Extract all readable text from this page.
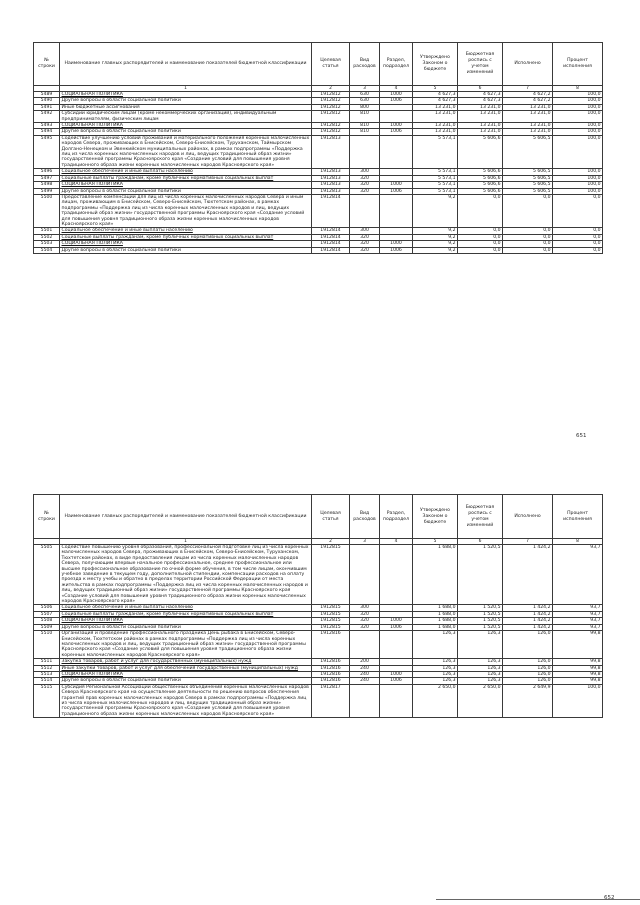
№ строки	Наименование главных распорядителей и наименование показателей бюджетной классификации	Целевая статья	Вид расходов	Раздел, подраздел	Утверждено Законом о бюджете	Бюджетная роспись с учетом изменений	Исполнено	Процент исполнения
	1	2	3	4	5	6	7	8
5489	СОЦИАЛЬНАЯ ПОЛИТИКА	1912812	630	1000	4 627,3	4 627,3	4 627,2	100,0
5490	Другие вопросы в области социальной политики	1912812	630	1006	4 627,3	4 627,3	4 627,2	100,0
5491	Иные бюджетные ассигнования	1912812	800		13 231,0	13 231,0	13 231,0	100,0
5492	Субсидии юридическим лицам (кроме некоммерческих организаций), индивидуальным предпринимателям, физическим лицам	1912812	810		13 231,0	13 231,0	13 231,0	100,0
5493	СОЦИАЛЬНАЯ ПОЛИТИКА	1912812	810	1000	13 231,0	13 231,0	13 231,0	100,0
5494	Другие вопросы в области социальной политики	1912812	810	1006	13 231,0	13 231,0	13 231,0	100,0
5495	Содействие улучшению условий проживания и материального положения коренных малочисленных народов Севера, проживающих в Енисейском, Северо-Енисейском, Туруханском, Таймырском Долгано-Ненецком и Эвенкийском муниципальных районах, в рамках подпрограммы «Поддержка лиц из числа коренных малочисленных народов и лиц, ведущих традиционный образ жизни» государственной программы Красноярского края «Создание условий для повышения уровня традиционного образа жизни коренных малочисленных народов Красноярского края»	1912813			5 573,1	5 606,6	5 606,5	100,0
5496	Социальное обеспечение и иные выплаты населению	1912813	300		5 573,1	5 606,6	5 606,5	100,0
5497	Социальные выплаты гражданам, кроме публичных нормативных социальных выплат	1912813	320		5 573,1	5 606,6	5 606,5	100,0
5498	СОЦИАЛЬНАЯ ПОЛИТИКА	1912813	320	1000	5 573,1	5 606,6	5 606,5	100,0
5499	Другие вопросы в области социальной политики	1912813	320	1006	5 573,1	5 606,6	5 606,5	100,0
5500	Предоставление компенсации для лиц из числа коренных малочисленных народов Севера и иным лицам, проживающим в Енисейском, Северо-Енисейском, Тюхтетском районах, в рамках подпрограммы «Поддержка лиц из числа коренных малочисленных народов и лиц, ведущих традиционный образ жизни» государственной программы Красноярского края «Создание условий для повышения уровня традиционного образа жизни коренных малочисленных народов Красноярского края»	1912814			9,2	0,0	0,0	0,0
5501	Социальное обеспечение и иные выплаты населению	1912814	300		9,2	0,0	0,0	0,0
5502	Социальные выплаты гражданам, кроме публичных нормативных социальных выплат	1912814	320		9,2	0,0	0,0	0,0
5503	СОЦИАЛЬНАЯ ПОЛИТИКА	1912814	320	1000	9,2	0,0	0,0	0,0
5504	Другие вопросы в области социальной политики	1912814	320	1006	9,2	0,0	0,0	0,0
651
№ строки	Наименование главных распорядителей и наименование показателей бюджетной классификации	Целевая статья	Вид расходов	Раздел, подраздел	Утверждено Законом о бюджете	Бюджетная роспись с учетом изменений	Исполнено	Процент исполнения
	1	2	3	4	5	6	7	8
5505	Содействие повышению уровня образования, профессиональной подготовке лиц из числа коренных малочисленных народов Севера, проживающих в Енисейском, Северо-Енисейском, Туруханском, Тюхтетском районах, в виде предоставления лицам из числа коренных малочисленных народов Севера, получающим впервые начальное профессиональное, среднее профессиональное или высшее профессиональное образование по очной форме обучения, в том числе лицам, окончившим учебное заведение в текущем году, дополнительной стипендии, компенсации расходов на оплату проезда к месту учебы и обратно в пределах территории Российской Федерации от места жительства в рамках подпрограммы «Поддержка лиц из числа коренных малочисленных народов и лиц, ведущих традиционный образ жизни» государственной программы Красноярского края «Создание условий для повышения уровня традиционного образа жизни коренных малочисленных народов Красноярского края»	1912815			1 688,0	1 520,5	1 424,2	93,7
5506	Социальное обеспечение и иные выплаты населению	1912815	300		1 688,0	1 520,5	1 424,2	93,7
5507	Социальные выплаты гражданам, кроме публичных нормативных социальных выплат	1912815	320		1 688,0	1 520,5	1 424,2	93,7
5508	СОЦИАЛЬНАЯ ПОЛИТИКА	1912815	320	1000	1 688,0	1 520,5	1 424,2	93,7
5509	Другие вопросы в области социальной политики	1912815	320	1006	1 688,0	1 520,5	1 424,2	93,7
5510	Организация и проведение профессионального праздника День рыбака в Енисейском, Северо-Енисейском, Тюхтетском районах в рамках подпрограммы «Поддержка лиц из числа коренных малочисленных народов и лиц, ведущих традиционный образ жизни» государственной программы Красноярского края «Создание условий для повышения уровня традиционного образа жизни коренных малочисленных народов Красноярского края»	1912816			126,3	126,3	126,0	99,8
5511	Закупка товаров, работ и услуг для государственных (муниципальных) нужд	1912816	200		126,3	126,3	126,0	99,8
5512	Иные закупки товаров, работ и услуг для обеспечения государственных (муниципальных) нужд	1912816	240		126,3	126,3	126,0	99,8
5513	СОЦИАЛЬНАЯ ПОЛИТИКА	1912816	240	1000	126,3	126,3	126,0	99,8
5514	Другие вопросы в области социальной политики	1912816	240	1006	126,3	126,3	126,0	99,8
5515	Субсидия Региональной Ассоциации общественных объединений коренных малочисленных народов Севера Красноярского края на осуществление деятельности по решению вопросов обеспечения гарантий прав коренных малочисленных народов Севера в рамках подпрограммы «Поддержка лиц из числа коренных малочисленных народов и лиц, ведущих традиционный образ жизни» государственной программы Красноярского края «Создание условий для повышения уровня традиционного образа жизни коренных малочисленных народов Красноярского края»	1912817			2 650,0	2 650,0	2 649,9	100,0
652
